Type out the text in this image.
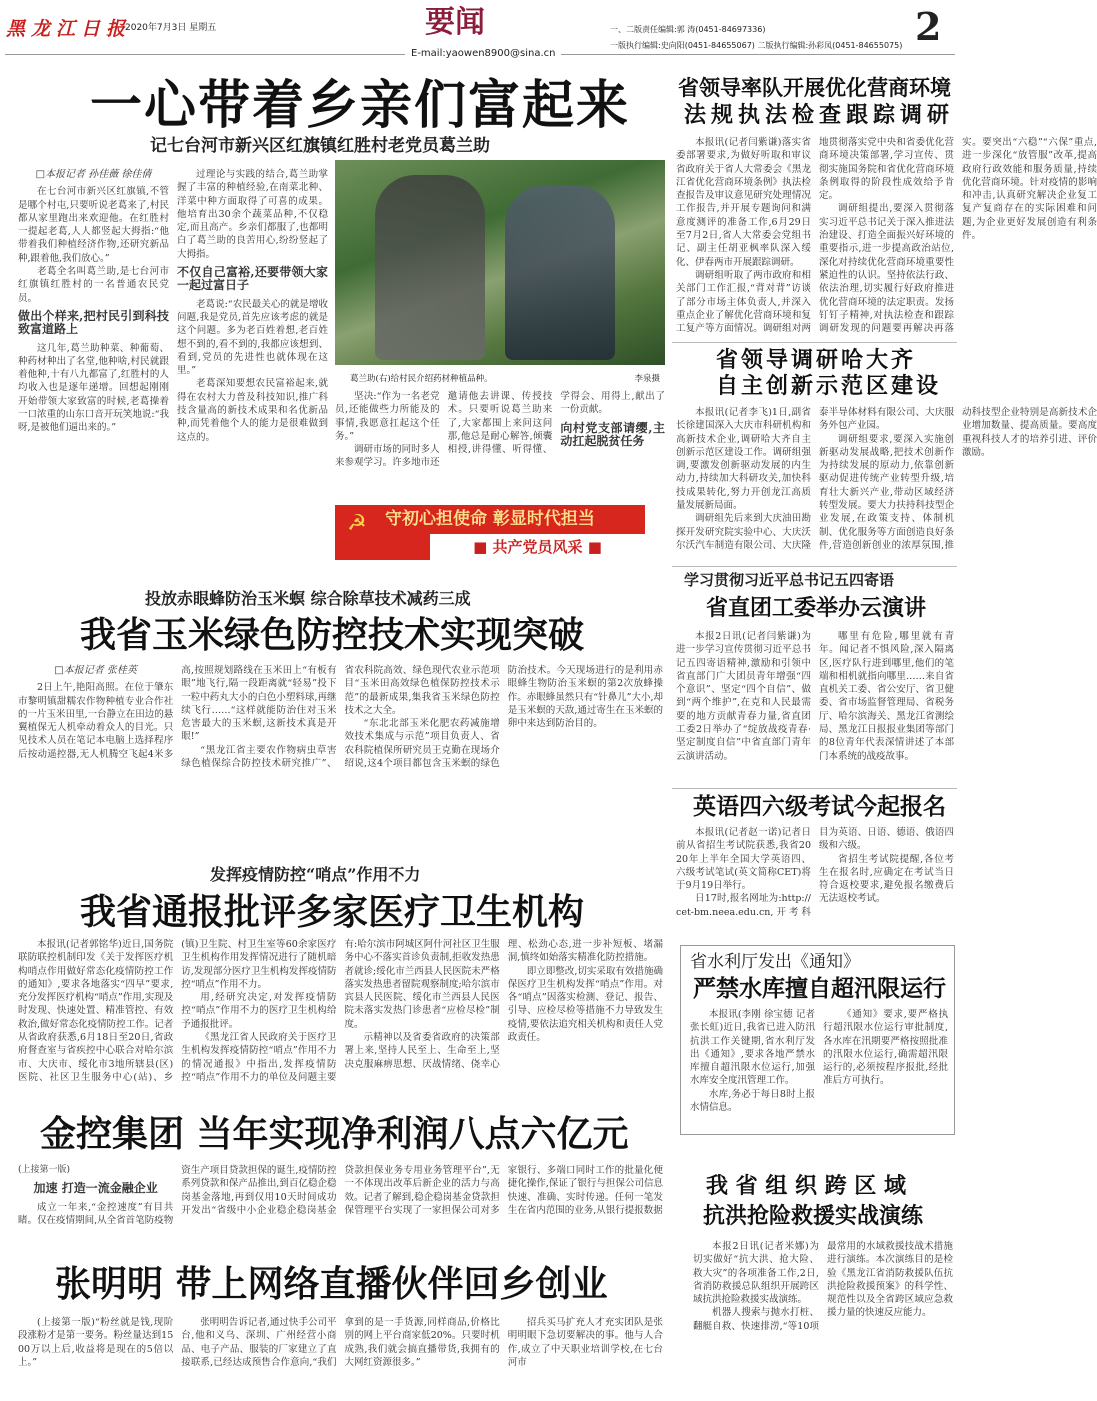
黑龙江日报
2020年7月3日 星期五	要闻
E-mail:yaowen8900@sina.cn
一、二版责任编辑:郭 涛(0451-84697336)
一版执行编辑:史向阳(0451-84655067) 二版执行编辑:孙彩凤(0451-84655075) 2
一心带着乡亲们富起来
记七台河市新兴区红旗镇红胜村老党员葛兰助
□本报记者 孙佳薇 徐佳倩

在七台河市新兴区红旗镇,不管是哪个村屯,只要听说老葛来了,村民都从家里跑出来欢迎他。在红胜村一提起老葛,人人都竖起大拇指:“他带着我们种植经济作物,还研究新品种,跟着他,我们放心。”

老葛全名叫葛兰助,是七台河市红旗镇红胜村的一名普通农民党员。

做出个样来,把村民引到科技致富道路上

这几年,葛兰助种菜、种葡萄、种药材种出了名堂,他种啥,村民就跟着他种,十有八九都富了,红胜村的人均收入也是逐年递增。回想起刚刚开始带领大家致富的时候,老葛操着一口浓重的山东口音开玩笑地说:“我呀,是被他们逼出来的。”

过理论与实践的结合,葛兰助掌握了丰富的种植经验,在南菜北种、洋菜中种方面取得了可喜的成果。他培育出30余个蔬菜品种,不仅稳定,而且高产。乡亲们都服了,也都明白了葛兰助的良苦用心,纷纷竖起了大拇指。

不仅自己富裕,还要带领大家一起过富日子

老葛说:“农民最关心的就是增收问题,我是党员,首先应该考虑的就是这个问题。多为老百姓着想,老百姓想不到的,看不到的,我都应该想到、看到,党员的先进性也就体现在这里。”

老葛深知要想农民富裕起来,就得在农村大力普及科技知识,推广科技含量高的新技术成果和名优新品种,而凭着他个人的能力是很难做到这点的。

葛兰助(右)给村民介绍药材种植品种。	李泉摄

坚决:“作为一名老党员,还能做些力所能及的事情,我愿意扛起这个任务。”

调研市场的同时多人来参观学习。许多地市还邀请他去讲课、传授技术。只要听说葛兰助来了,大家都围上来问这问那,他总是耐心解答,倾囊相授,讲得懂、听得懂、学得会、用得上,献出了一份贡献。

向村党支部请缨,主动扛起脱贫任务

☭ 守初心担使命 彰显时代担当
■ 共产党员风采 ■
投放赤眼蜂防治玉米螟 综合除草技术减药三成
我省玉米绿色防控技术实现突破
□本报记者 张桂英

2日上午,艳阳高照。在位于肇东市黎明镇甜糯农作物种植专业合作社的一片玉米田里,一台静立在田边的悬翼植保无人机牵动着众人的目光。只见技术人员在笔记本电脑上选择程序后按动遥控器,无人机腾空飞起4米多高,按照规划路线在玉米田上“有板有眼”地飞行,隔一段距离就“轻易”投下一粒中药丸大小的白色小塑料球,再继续飞行……“这样就能防治住对玉米危害最大的玉米螟,这新技术真是开眼!”

“黑龙江省主要农作物病虫草害绿色植保综合防控技术研究推广”、省农科院高效、绿色现代农业示范项目“玉米田高效绿色植保防控技术示范”的最新成果,集我省玉米绿色防控技术之大全。

“东北北部玉米化肥农药减施增效技术集成与示范”项目负责人、省农科院植保所研究员王克勤在现场介绍说,这4个项目都包含玉米螟的绿色防治技术。今天现场进行的是利用赤眼蜂生物防治玉米螟的第2次放蜂操作。赤眼蜂虽然只有“针鼻儿”大小,却是玉米螟的天敌,通过寄生在玉米螟的卵中来达到防治目的。

发挥疫情防控“哨点”作用不力
我省通报批评多家医疗卫生机构

本报讯(记者郭铭华)近日,国务院联防联控机制印发《关于发挥医疗机构哨点作用做好常态化疫情防控工作的通知》,要求各地落实“四早”要求,充分发挥医疗机构“哨点”作用,实现及时发现、快速处置、精准管控、有效救治,做好常态化疫情防控工作。记者从省政府获悉,6月18日至20日,省政府督查室与省疾控中心联合对哈尔滨市、大庆市、绥化市3地所辖县(区)医院、社区卫生服务中心(站)、乡(镇)卫生院、村卫生室等60余家医疗卫生机构作用发挥情况进行了随机暗访,发现部分医疗卫生机构发挥疫情防控“哨点”作用不力。

用,经研究决定,对发挥疫情防控“哨点”作用不力的医疗卫生机构给予通报批评。

《黑龙江省人民政府关于医疗卫生机构发挥疫情防控“哨点”作用不力的情况通报》中指出,发挥疫情防控“哨点”作用不力的单位及问题主要有:哈尔滨市阿城区阿什河社区卫生服务中心不落实首诊负责制,拒收发热患者就诊;绥化市兰西县人民医院未严格落实发热患者留院观察制度;哈尔滨市宾县人民医院、绥化市兰西县人民医院未落实发热门诊患者“应检尽检”制度。

示精神以及省委省政府的决策部署上来,坚持人民至上、生命至上,坚决克服麻痹思想、厌战情绪、侥幸心理、松劲心态,进一步补短板、堵漏洞,慎终如始落实精准化防控措施。

即立即整改,切实采取有效措施确保医疗卫生机构发挥“哨点”作用。对各“哨点”因落实检测、登记、报告、引导、应检尽检等措施不力导致发生疫情,要依法追究相关机构和责任人党政责任。

金控集团 当年实现净利润八点六亿元
(上接第一版)

加速 打造一流金融企业

成立一年来,“金控速度”有目共睹。仅在疫情期间,从全省首笔防疫物资生产项目贷款担保的诞生,疫情防控系列贷款和保产品推出,到百亿稳企稳岗基金落地,再到仅用10天时间成功开发出“省级中小企业稳企稳岗基金贷款担保业务专用业务管理平台”,无一不体现出改革后新企业的活力与高效。记者了解到,稳企稳岗基金贷款担保管理平台实现了一家担保公司对多家银行、多端口同时工作的批量化便捷化操作,保证了银行与担保公司信息快速、准确、实时传递。任何一笔发生在省内范围的业务,从银行提报数据

张明明 带上网络直播伙伴回乡创业

(上接第一版)“粉丝就是钱,现阶段涨粉才是第一要务。粉丝量达到1500万以上后,收益将是现在的5倍以上。”

张明明告诉记者,通过快手公司平台,他和义乌、深圳、广州经营小商品、电子产品、服装的厂家建立了直接联系,已经达成预售合作意向,“我们拿到的是一手货源,同样商品,价格比别的网上平台商家低20%。只要时机成熟,我们就会搞直播带货,我拥有的大网红资源很多。”

招兵买马扩充人才充实团队是张明明眼下急切要解决的事。他与人合作,成立了中天职业培训学校,在七台河市

省领导率队开展优化营商环境
法规执法检查跟踪调研

本报讯(记者闫紫谦)落实省委部署要求,为做好听取和审议省政府关于省人大常委会《黑龙江省优化营商环境条例》执法检查报告及审议意见研究处理情况工作报告,并开展专题询问和满意度测评的准备工作,6月29日至7月2日,省人大常委会党组书记、副主任胡亚枫率队深入绥化、伊春两市开展跟踪调研。

调研组听取了两市政府和相关部门工作汇报,“背对背”访谈了部分市场主体负责人,并深入重点企业了解优化营商环境和复工复产等方面情况。调研组对两地贯彻落实党中央和省委优化营商环境决策部署,学习宣传、贯彻实施国务院和省优化营商环境条例取得的阶段性成效给予肯定。

调研组提出,要深入贯彻落实习近平总书记关于深入推进法治建设、打造全面振兴好环境的重要指示,进一步提高政治站位,深化对持续优化营商环境重要性紧迫性的认识。坚持依法行政、依法治理,切实履行好政府推进优化营商环境的法定职责。发扬钉钉子精神,对执法检查和跟踪调研发现的问题要再解决再落实。要突出“六稳”“六保”重点,进一步深化“放管服”改革,提高政府行政效能和服务质量,持续优化营商环境。针对疫情的影响和冲击,认真研究解决企业复工复产复商存在的实际困难和问题,为企业更好发展创造有利条件。

省领导调研哈大齐
自主创新示范区建设

本报讯(记者李飞)1日,副省长徐建国深入大庆市科研机构和高新技术企业,调研哈大齐自主创新示范区建设工作。调研组强调,要激发创新驱动发展的内生动力,持续加大科研攻关,加快科技成果转化,努力开创龙江高质量发展新局面。

调研组先后来到大庆油田勘探开发研究院实验中心、大庆沃尔沃汽车制造有限公司、大庆隆泰半导体材料有限公司、大庆服务外包产业园。

调研组要求,要深入实施创新驱动发展战略,把技术创新作为持续发展的原动力,依靠创新驱动促进传统产业转型升级,培育壮大新兴产业,带动区域经济转型发展。要大力扶持科技型企业发展,在政策支持、体制机制、优化服务等方面创造良好条件,营造创新创业的浓厚氛围,推动科技型企业特别是高新技术企业增加数量、提高质量。要高度重视科技人才的培养引进、评价激励。

学习贯彻习近平总书记五四寄语
省直团工委举办云演讲

本报2日讯(记者闫紫谦)为进一步学习宣传贯彻习近平总书记五四寄语精神,激励和引领中省直部门广大团员青年增强“四个意识”、坚定“四个自信”、做到“两个维护”,在克和人民最需要的地方贡献青春力量,省直团工委2日举办了“绽放战疫青春·坚定制度自信”中省直部门青年云演讲活动。

哪里有危险,哪里就有青年。闻记者不惧风险,深入隔离区,医疗队行进到哪里,他们的笔端和相机就指向哪里……来自省直机关工委、省公安厅、省卫健委、省市场监督管理局、省税务厅、哈尔滨海关、黑龙江省测绘局、黑龙江日报报业集团等部门的8位青年代表深情讲述了本部门本系统的战疫故事。

英语四六级考试今起报名

本报讯(记者赵一诺)记者日前从省招生考试院获悉,我省2020年上半年全国大学英语四、六级考试笔试(英文简称CET)将于9月19日举行。

日17时,报名网址为:http://cet-bm.neea.edu.cn,开考科目为英语、日语、德语、俄语四级和六级。

省招生考试院提醒,各位考生在报名时,应确定在考试当日符合返校要求,避免报名缴费后无法返校考试。

省水利厅发出《通知》
严禁水库擅自超汛限运行

本报讯(李刚 徐宝德 记者张长虹)近日,我省已进入防汛抗洪工作关键期,省水利厅发出《通知》,要求各地严禁水库擅自超汛限水位运行,加强水库安全度汛管理工作。

水库,务必于每日8时上报水情信息。

《通知》要求,要严格执行超汛限水位运行审批制度,各水库在汛期要严格按照批准的汛限水位运行,确需超汛限运行的,必须按程序报批,经批准后方可执行。

我 省 组 织 跨 区 域
抗洪抢险救援实战演练

本报2日讯(记者米娜)为切实做好“抗大洪、抢大险、救大灾”的各项准备工作,2日,省消防救援总队组织开展跨区域抗洪抢险救援实战演练。

机器人搜索与抛水打桩、翻艇自救、快速排涝,“等10项最常用的水域救援技战术措施进行演练。本次演练目的是检验《黑龙江省消防救援队伍抗洪抢险救援预案》的科学性、规范性以及全省跨区域应急救援力量的快速反应能力。
